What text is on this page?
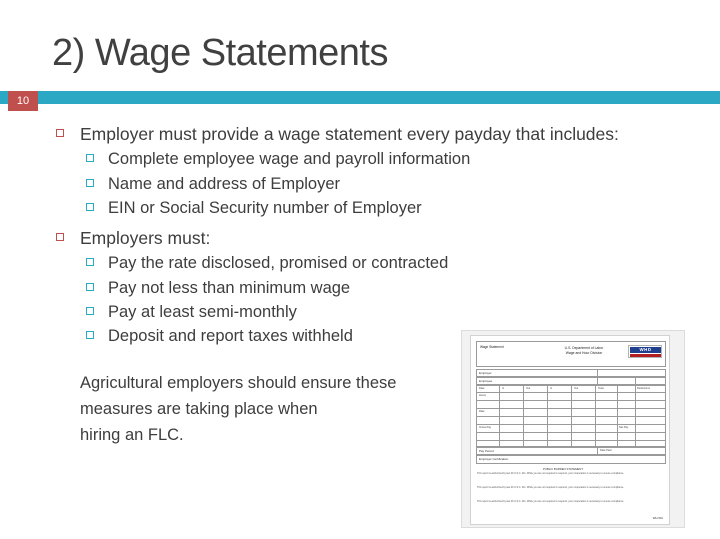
2) Wage Statements
10
Employer must provide a wage statement every payday that includes:
Complete employee wage and payroll information
Name and address of Employer
EIN or Social Security number of Employer
Employers must:
Pay the rate disclosed, promised or contracted
Pay not less than minimum wage
Pay at least semi-monthly
Deposit and report taxes withheld
Agricultural employers should ensure these
measures are taking place when
hiring an FLC.
Wage Statement	U.S. Department of Labor
Wage and Hour Division
WHD
Employer
Employee
Date	In	Out	In	Out	Total	Deductions
Hours
Rate
Gross Pay	Net Pay
Pay Period	Date Paid
Employer Certification
PUBLIC BURDEN STATEMENT
This report is authorized by law 29 U.S.C. 211. While you are not required to respond, your cooperation is necessary to ensure compliance.
This report is authorized by law 29 U.S.C. 211. While you are not required to respond, your cooperation is necessary to ensure compliance.
This report is authorized by law 29 U.S.C. 211. While you are not required to respond, your cooperation is necessary to ensure compliance.
WH-501
